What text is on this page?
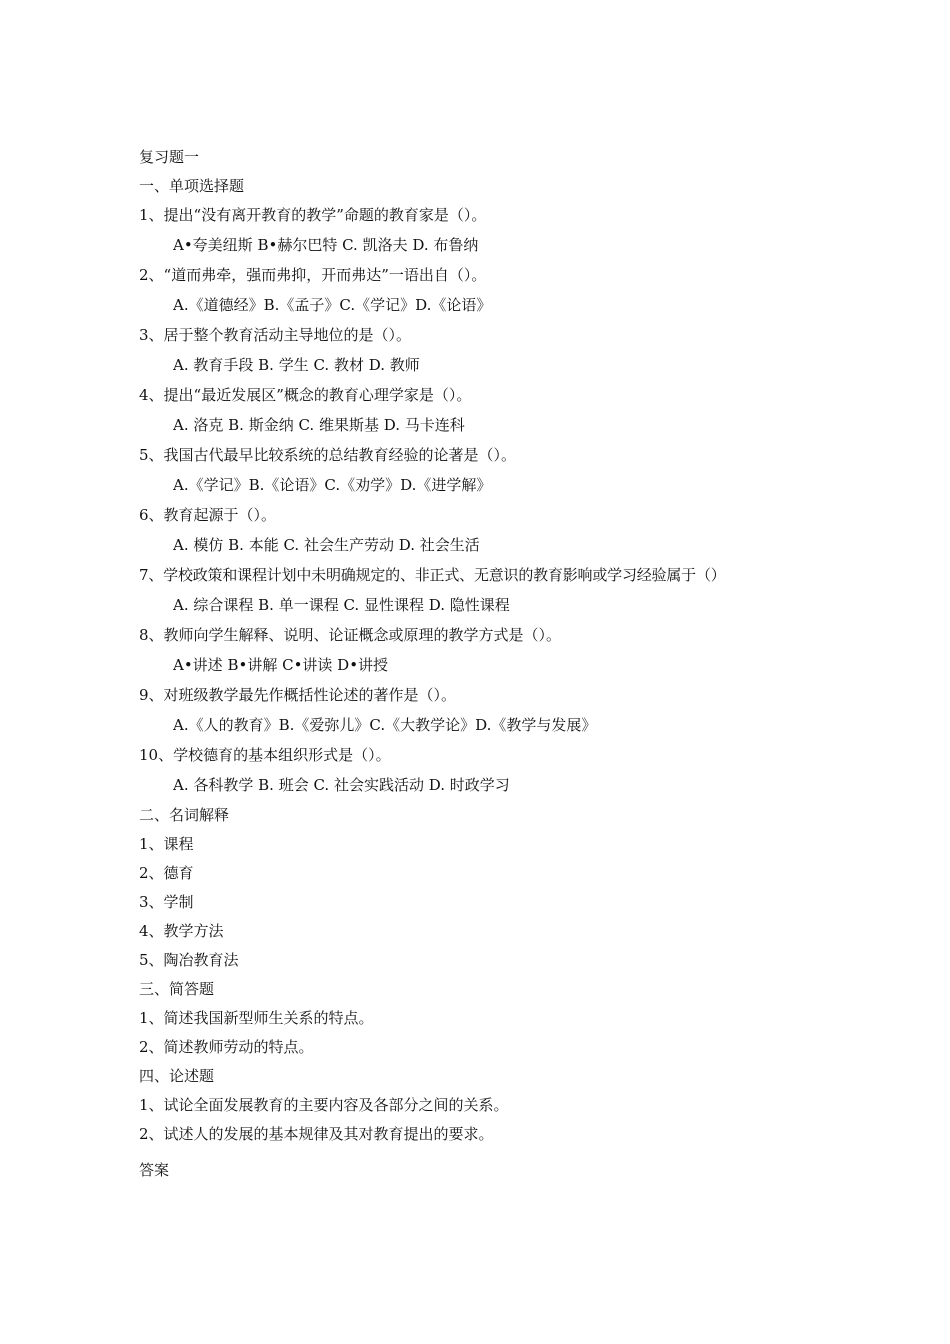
复习题一
一、单项选择题
1、提出“没有离开教育的教学”命题的教育家是（）。
A•夸美纽斯 B•赫尔巴特 C. 凯洛夫 D. 布鲁纳
2、“道而弗牵，强而弗抑，开而弗达”一语出自（）。
A.《道德经》B.《孟子》C.《学记》D.《论语》
3、居于整个教育活动主导地位的是（）。
A. 教育手段 B. 学生 C. 教材 D. 教师
4、提出“最近发展区”概念的教育心理学家是（）。
A. 洛克 B. 斯金纳 C. 维果斯基 D. 马卡连科
5、我国古代最早比较系统的总结教育经验的论著是（）。
A.《学记》B.《论语》C.《劝学》D.《进学解》
6、教育起源于（）。
A. 模仿 B. 本能 C. 社会生产劳动 D. 社会生活
7、学校政策和课程计划中未明确规定的、非正式、无意识的教育影响或学习经验属于（）
A. 综合课程 B. 单一课程 C. 显性课程 D. 隐性课程
8、教师向学生解释、说明、论证概念或原理的教学方式是（）。
A•讲述 B•讲解 C•讲读 D•讲授
9、对班级教学最先作概括性论述的著作是（）。
A.《人的教育》B.《爱弥儿》C.《大教学论》D.《教学与发展》
10、学校德育的基本组织形式是（）。
A. 各科教学 B. 班会 C. 社会实践活动 D. 时政学习
二、名词解释
1、课程
2、德育
3、学制
4、教学方法
5、陶冶教育法
三、简答题
1、简述我国新型师生关系的特点。
2、简述教师劳动的特点。
四、论述题
1、试论全面发展教育的主要内容及各部分之间的关系。
2、试述人的发展的基本规律及其对教育提出的要求。
答案
